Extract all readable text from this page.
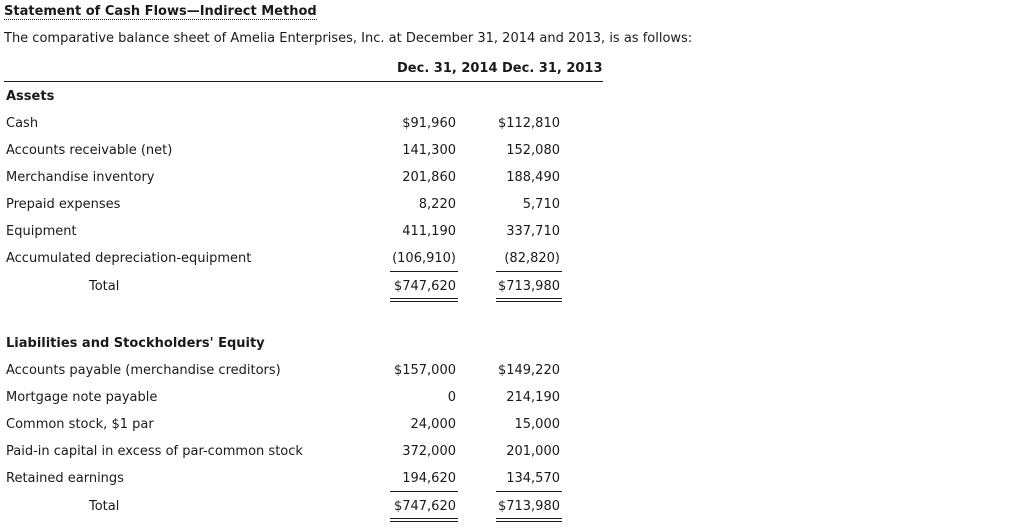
Statement of Cash Flows—Indirect Method
The comparative balance sheet of Amelia Enterprises, Inc. at December 31, 2014 and 2013, is as follows:
Dec. 31, 2014 Dec. 31, 2013
Assets
Cash	$91,960	$112,810
Accounts receivable (net)	141,300	152,080
Merchandise inventory	201,860	188,490
Prepaid expenses	8,220	5,710
Equipment	411,190	337,710
Accumulated depreciation-equipment	(106,910)	(82,820)
Total	$747,620	$713,980
Liabilities and Stockholders' Equity
Accounts payable (merchandise creditors)	$157,000	$149,220
Mortgage note payable	0	214,190
Common stock, $1 par	24,000	15,000
Paid-in capital in excess of par-common stock	372,000	201,000
Retained earnings	194,620	134,570
Total	$747,620	$713,980
